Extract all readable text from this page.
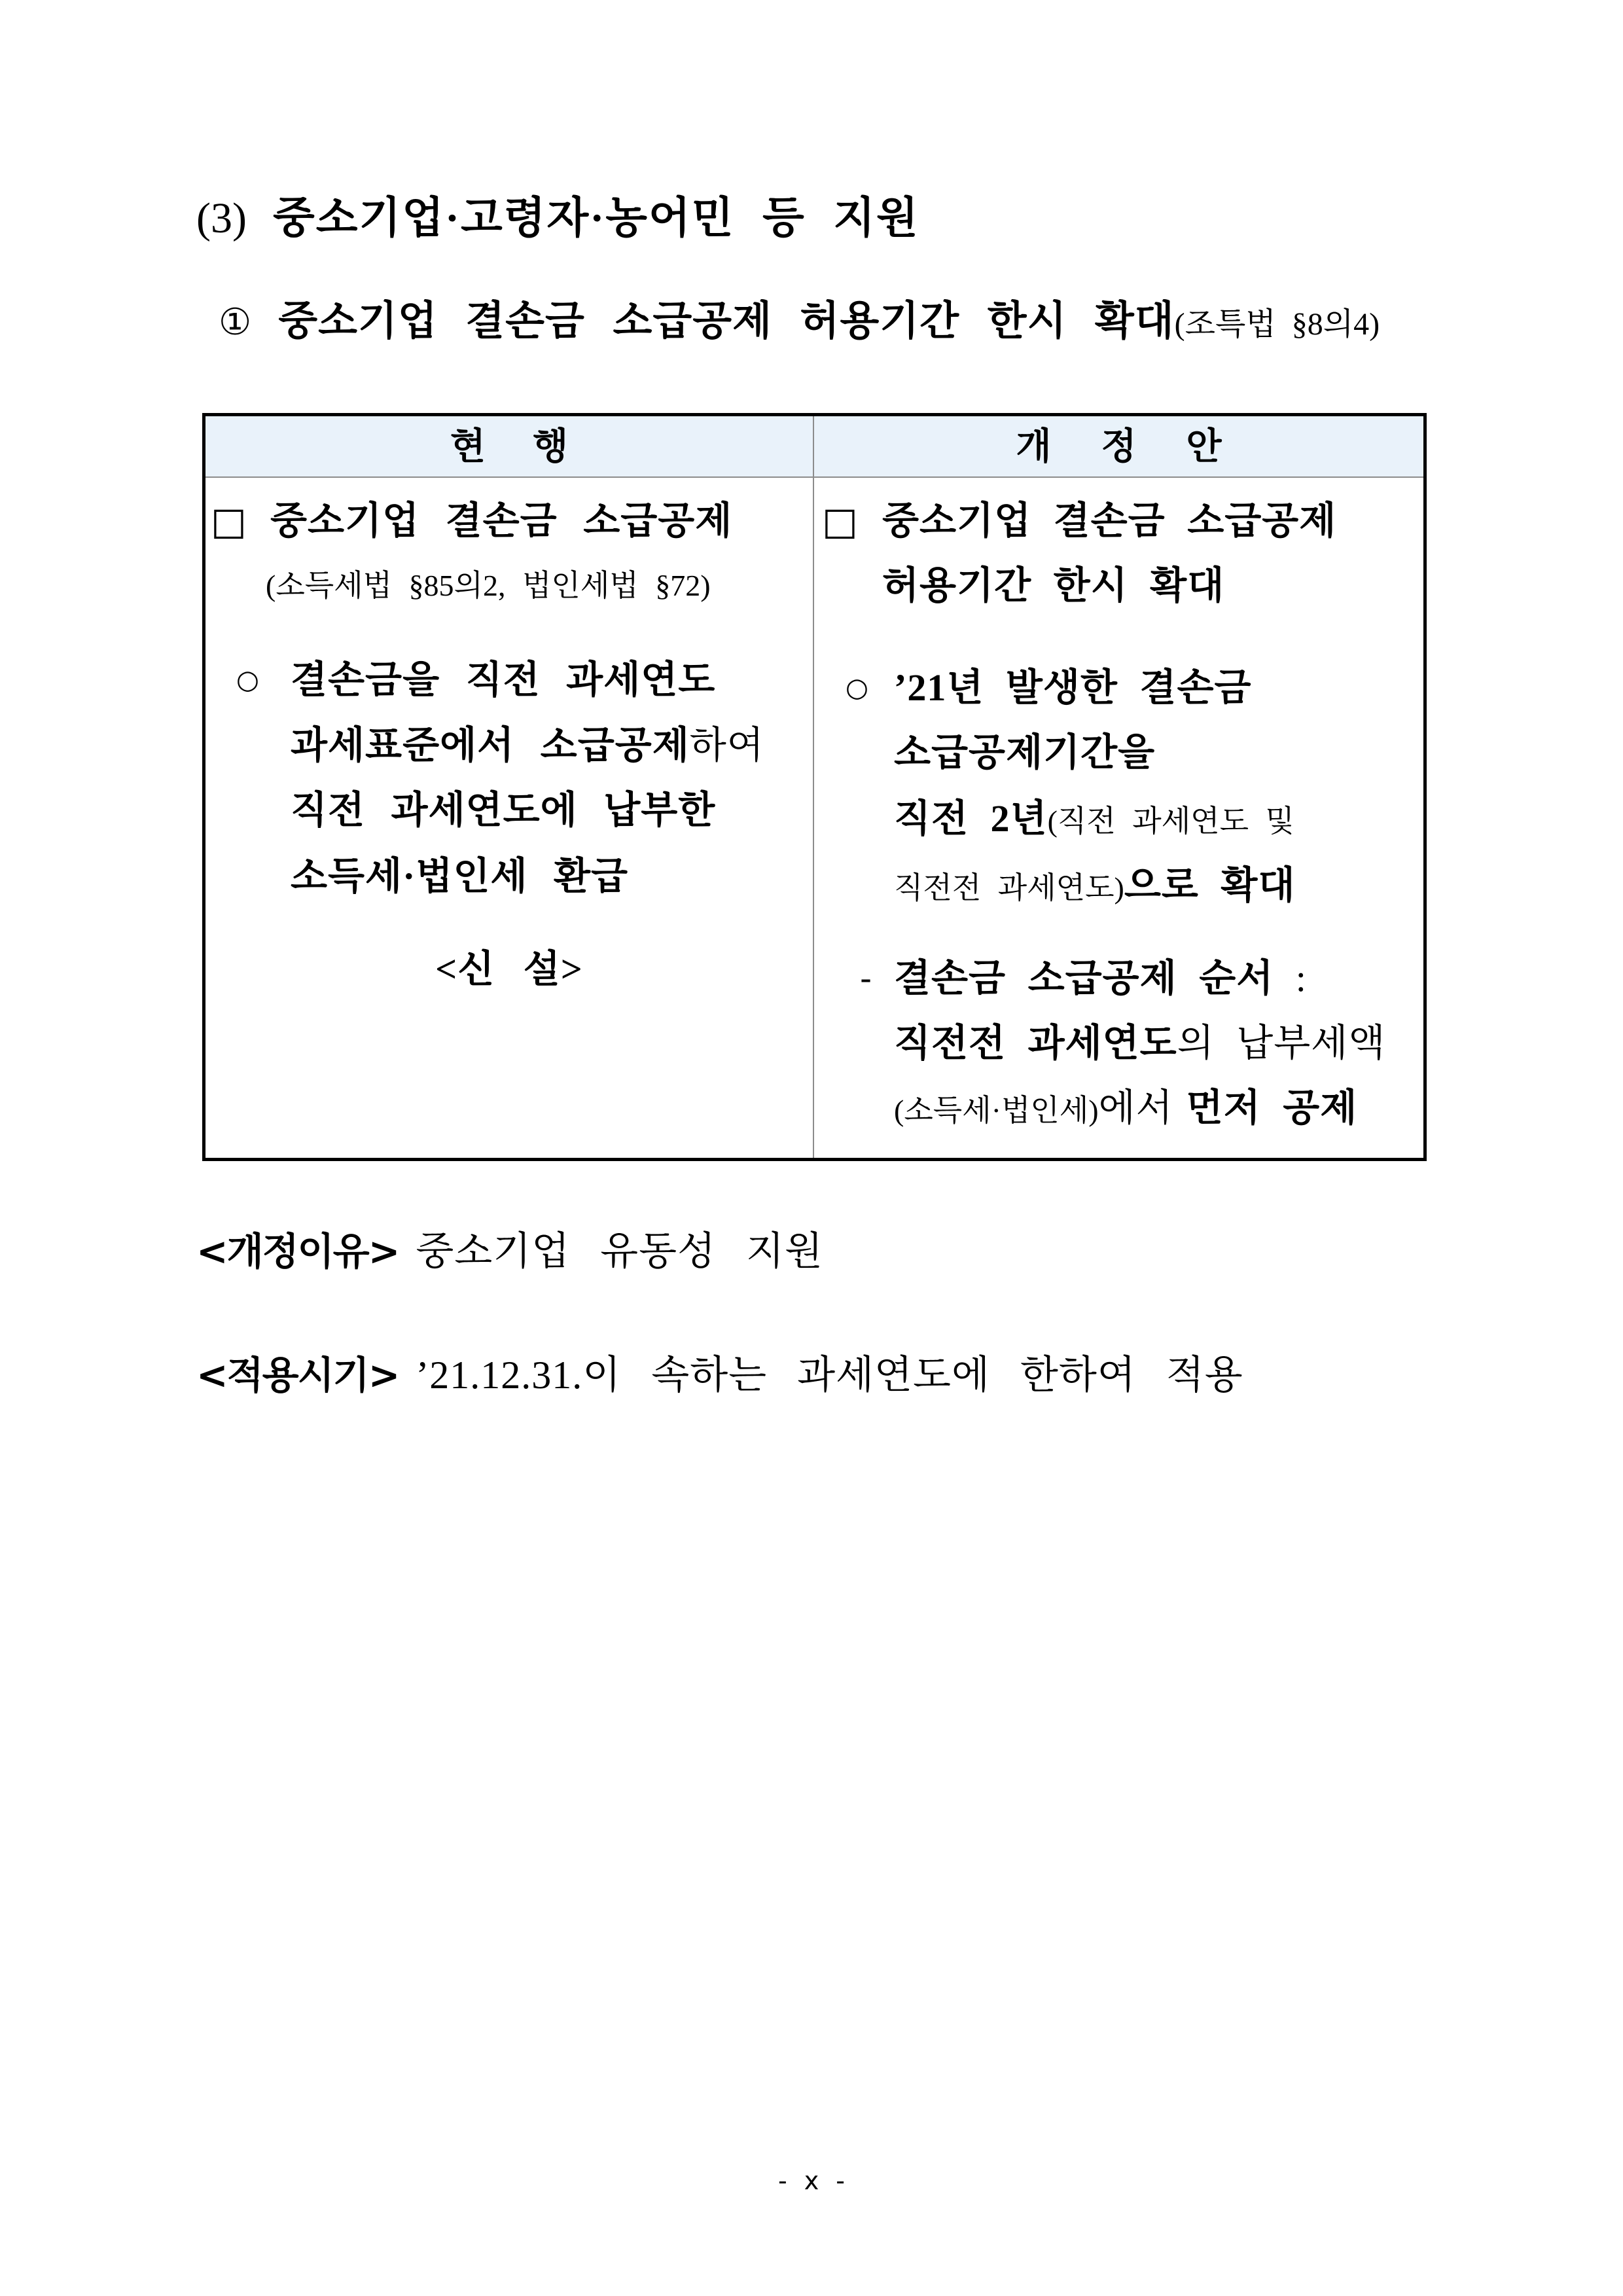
(3) 중소기업·고령자·농어민 등 지원
① 중소기업 결손금 소급공제 허용기간 한시 확대(조특법 §8의4)
현 행	개 정 안
□ 중소기업 결손금 소급공제
(소득세법 §85의2, 법인세법 §72)
○ 결손금을 직전 과세연도
과세표준에서 소급공제하여
직전 과세연도에 납부한
소득세·법인세 환급
<신 설>
□ 중소기업 결손금 소급공제
허용기간 한시 확대
○ ’21년 발생한 결손금
소급공제기간을
직전 2년(직전 과세연도 및
직전전 과세연도)으로 확대
- 결손금 소급공제 순서 :
직전전 과세연도의 납부세액
(소득세·법인세)에서 먼저 공제
<개정이유> 중소기업 유동성 지원
<적용시기> ’21.12.31.이 속하는 과세연도에 한하여 적용
- x -
